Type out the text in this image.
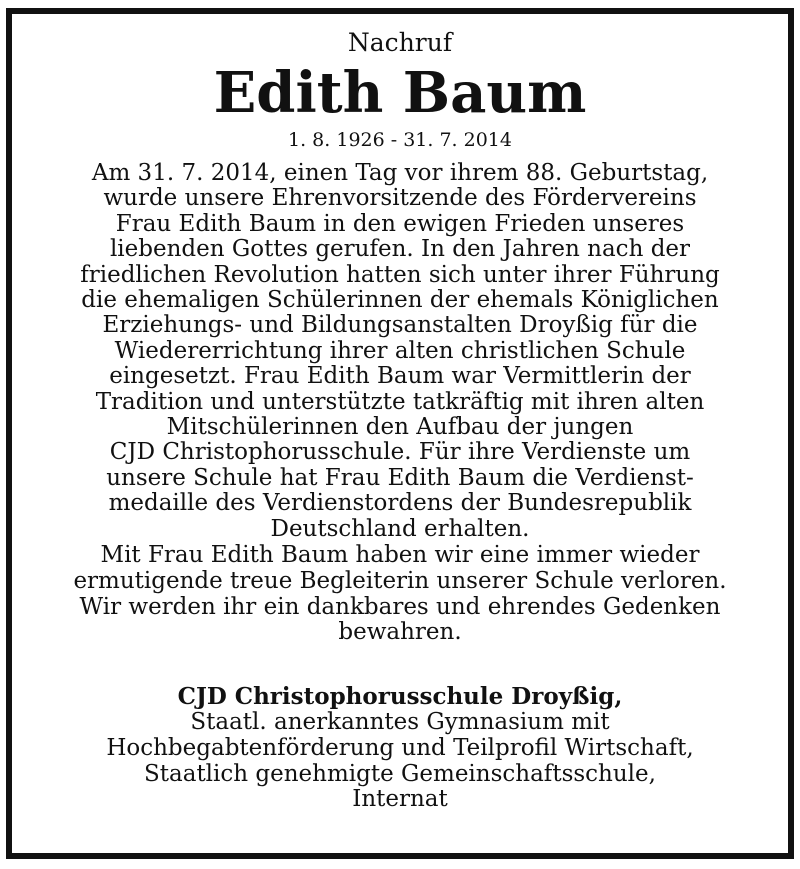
Nachruf
Edith Baum
1. 8. 1926 - 31. 7. 2014
Am 31. 7. 2014, einen Tag vor ihrem 88. Geburtstag,
wurde unsere Ehrenvorsitzende des Fördervereins
Frau Edith Baum in den ewigen Frieden unseres
liebenden Gottes gerufen. In den Jahren nach der
friedlichen Revolution hatten sich unter ihrer Führung
die ehemaligen Schülerinnen der ehemals Königlichen
Erziehungs- und Bildungsanstalten Droyßig für die
Wiedererrichtung ihrer alten christlichen Schule
eingesetzt. Frau Edith Baum war Vermittlerin der
Tradition und unterstützte tatkräftig mit ihren alten
Mitschülerinnen den Aufbau der jungen
CJD Christophorusschule. Für ihre Verdienste um
unsere Schule hat Frau Edith Baum die Verdienst-
medaille des Verdienstordens der Bundesrepublik
Deutschland erhalten.
Mit Frau Edith Baum haben wir eine immer wieder
ermutigende treue Begleiterin unserer Schule verloren.
Wir werden ihr ein dankbares und ehrendes Gedenken
bewahren.
CJD Christophorusschule Droyßig,
Staatl. anerkanntes Gymnasium mit
Hochbegabtenförderung und Teilprofil Wirtschaft,
Staatlich genehmigte Gemeinschaftsschule,
Internat
